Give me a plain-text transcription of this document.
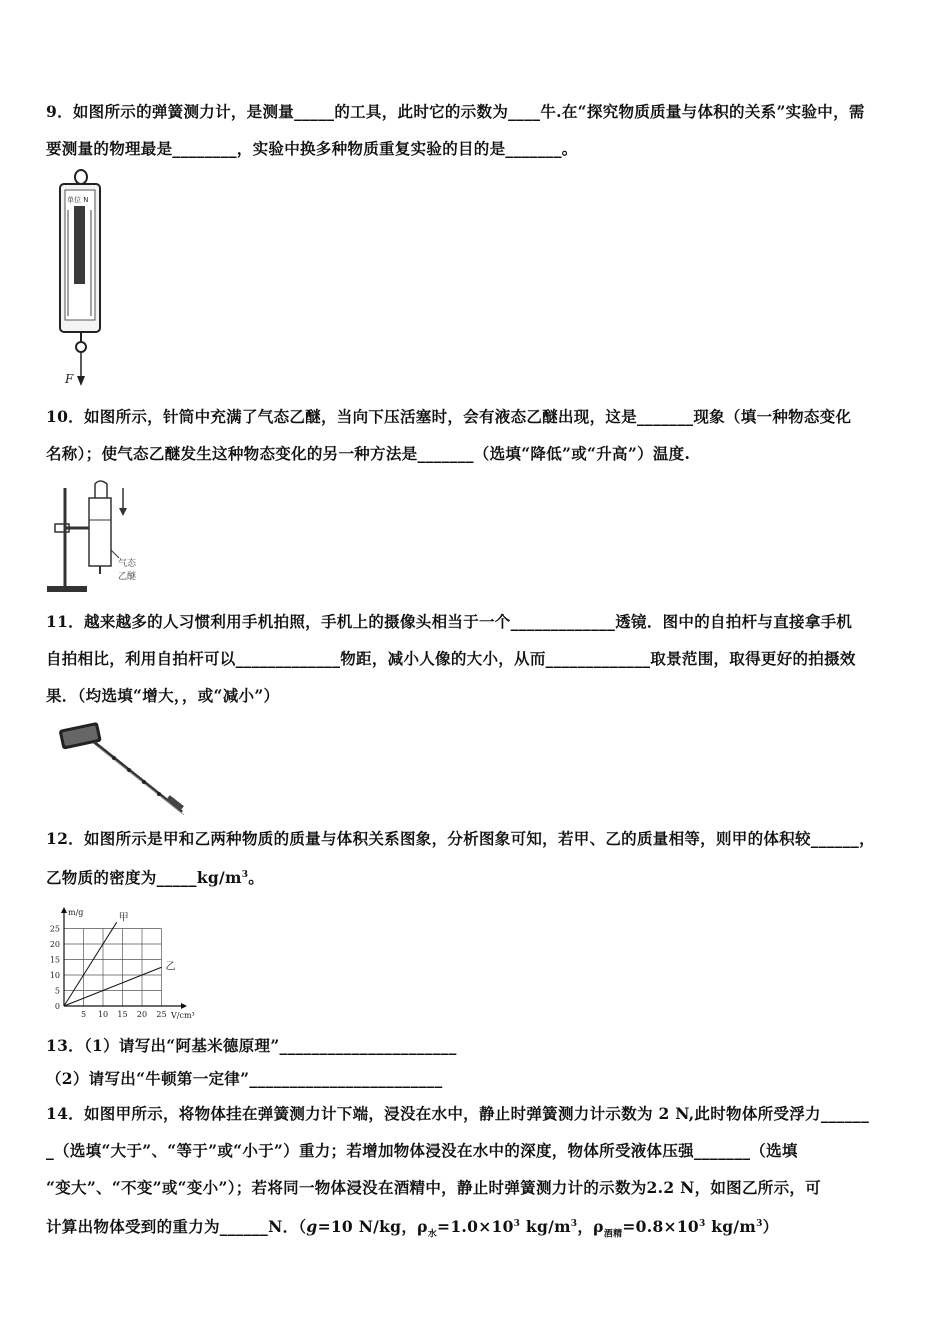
9．如图所示的弹簧测力计，是测量_____的工具，此时它的示数为____牛.在“探究物质质量与体积的关系”实验中，需

要测量的物理最是________，实验中换多种物质重复实验的目的是_______。

单位 N
F

10．如图所示，针筒中充满了气态乙醚，当向下压活塞时，会有液态乙醚出现，这是_______现象（填一种物态变化

名称）；使气态乙醚发生这种物态变化的另一种方法是_______（选填“降低”或“升高”）温度.

气态
乙醚

11．越来越多的人习惯利用手机拍照，手机上的摄像头相当于一个_____________透镜．图中的自拍杆与直接拿手机

自拍相比，利用自拍杆可以_____________物距，减小人像的大小，从而_____________取景范围，取得更好的拍摄效

果．（均选填“增大，，或“减小”）

12．如图所示是甲和乙两种物质的质量与体积关系图象，分析图象可知，若甲、乙的质量相等，则甲的体积较______，

乙物质的密度为$\_\_\_\_\_kg/m^3$。

5 10 15 20 25
0
5
10
15
20
25
V/cm³
m/g	甲
乙

13．（1）请写出“阿基米德原理”______________________

（2）请写出“牛顿第一定律”________________________

14．如图甲所示，将物体挂在弹簧测力计下端，浸没在水中，静止时弹簧测力计示数为 2 N,此时物体所受浮力______

_（选填“大于”、“等于”或“小于”）重力；若增加物体浸没在水中的深度，物体所受液体压强_______（选填

“变大”、“不变”或“变小”）；若将同一物体浸没在酒精中，静止时弹簧测力计的示数为2.2 N，如图乙所示，可

计算出物体受到的重力为______N．（g=10 N/kg，$\rho_水=1.0\times 10^3$ $kg/m^3$，$\rho_{酒精}=0.8\times 10^3$ $kg/m^3$）
